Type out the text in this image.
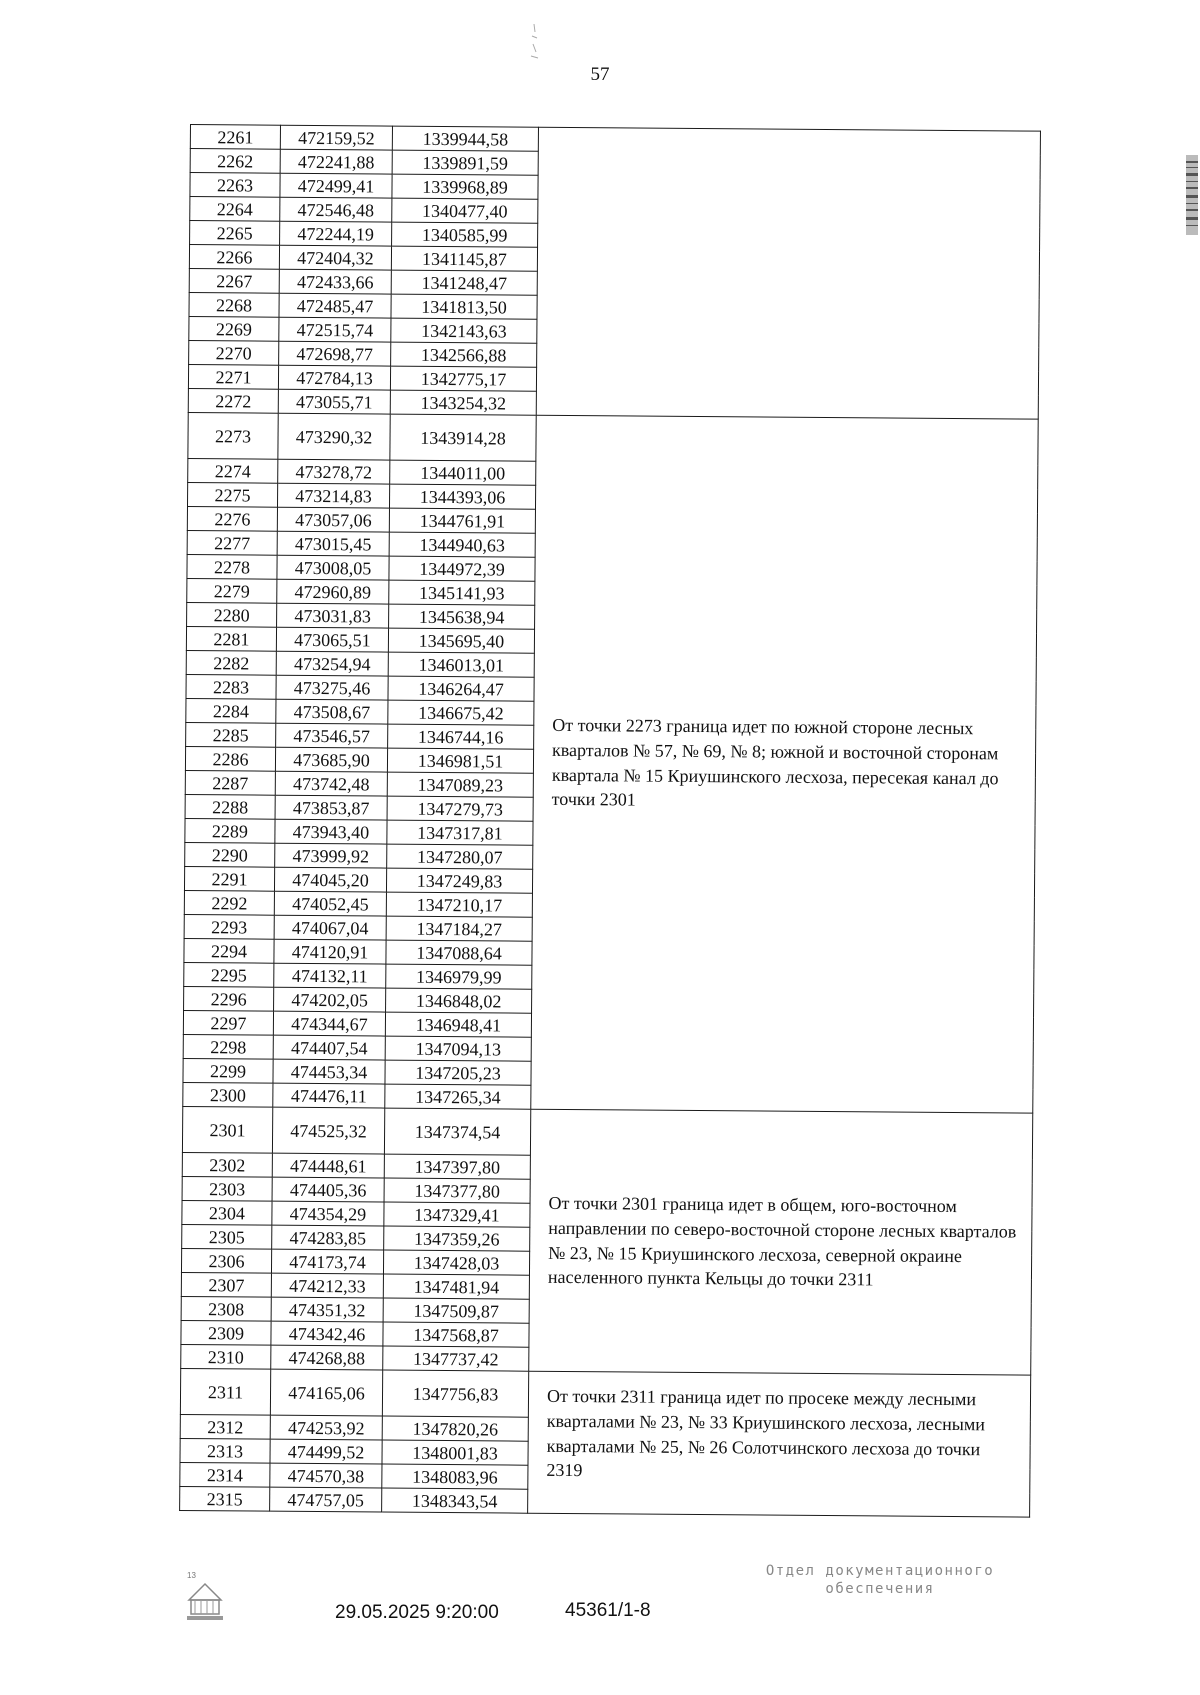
57
2261	472159,52	1339944,58	
2262	472241,88	1339891,59	
2263	472499,41	1339968,89	
2264	472546,48	1340477,40	
2265	472244,19	1340585,99	
2266	472404,32	1341145,87	
2267	472433,66	1341248,47	
2268	472485,47	1341813,50	
2269	472515,74	1342143,63	
2270	472698,77	1342566,88	
2271	472784,13	1342775,17	
2272	473055,71	1343254,32	
2273	473290,32	1343914,28	От точки 2273 граница идет по южной стороне лесных кварталов № 57, № 69, № 8; южной и восточной сторонам квартала № 15 Криушинского лесхоза, пересекая канал до точки 2301
2274	473278,72	1344011,00	
2275	473214,83	1344393,06	
2276	473057,06	1344761,91	
2277	473015,45	1344940,63	
2278	473008,05	1344972,39	
2279	472960,89	1345141,93	
2280	473031,83	1345638,94	
2281	473065,51	1345695,40	
2282	473254,94	1346013,01	
2283	473275,46	1346264,47	
2284	473508,67	1346675,42	
2285	473546,57	1346744,16	
2286	473685,90	1346981,51	
2287	473742,48	1347089,23	
2288	473853,87	1347279,73	
2289	473943,40	1347317,81	
2290	473999,92	1347280,07	
2291	474045,20	1347249,83	
2292	474052,45	1347210,17	
2293	474067,04	1347184,27	
2294	474120,91	1347088,64	
2295	474132,11	1346979,99	
2296	474202,05	1346848,02	
2297	474344,67	1346948,41	
2298	474407,54	1347094,13	
2299	474453,34	1347205,23	
2300	474476,11	1347265,34	
2301	474525,32	1347374,54	От точки 2301 граница идет в общем, юго-восточном направлении по северо-восточной стороне лесных кварталов № 23, № 15 Криушинского лесхоза, северной окраине населенного пункта Кельцы до точки 2311
2302	474448,61	1347397,80	
2303	474405,36	1347377,80	
2304	474354,29	1347329,41	
2305	474283,85	1347359,26	
2306	474173,74	1347428,03	
2307	474212,33	1347481,94	
2308	474351,32	1347509,87	
2309	474342,46	1347568,87	
2310	474268,88	1347737,42	
2311	474165,06	1347756,83	От точки 2311 граница идет по просеке между лесными кварталами № 23, № 33 Криушинского лесхоза, лесными кварталами № 25, № 26 Солотчинского лесхоза до точки 2319
2312	474253,92	1347820,26	
2313	474499,52	1348001,83	
2314	474570,38	1348083,96	
2315	474757,05	1348343,54	
13
29.05.2025 9:20:00	45361/1-8
Отдел документационного обеспечения
